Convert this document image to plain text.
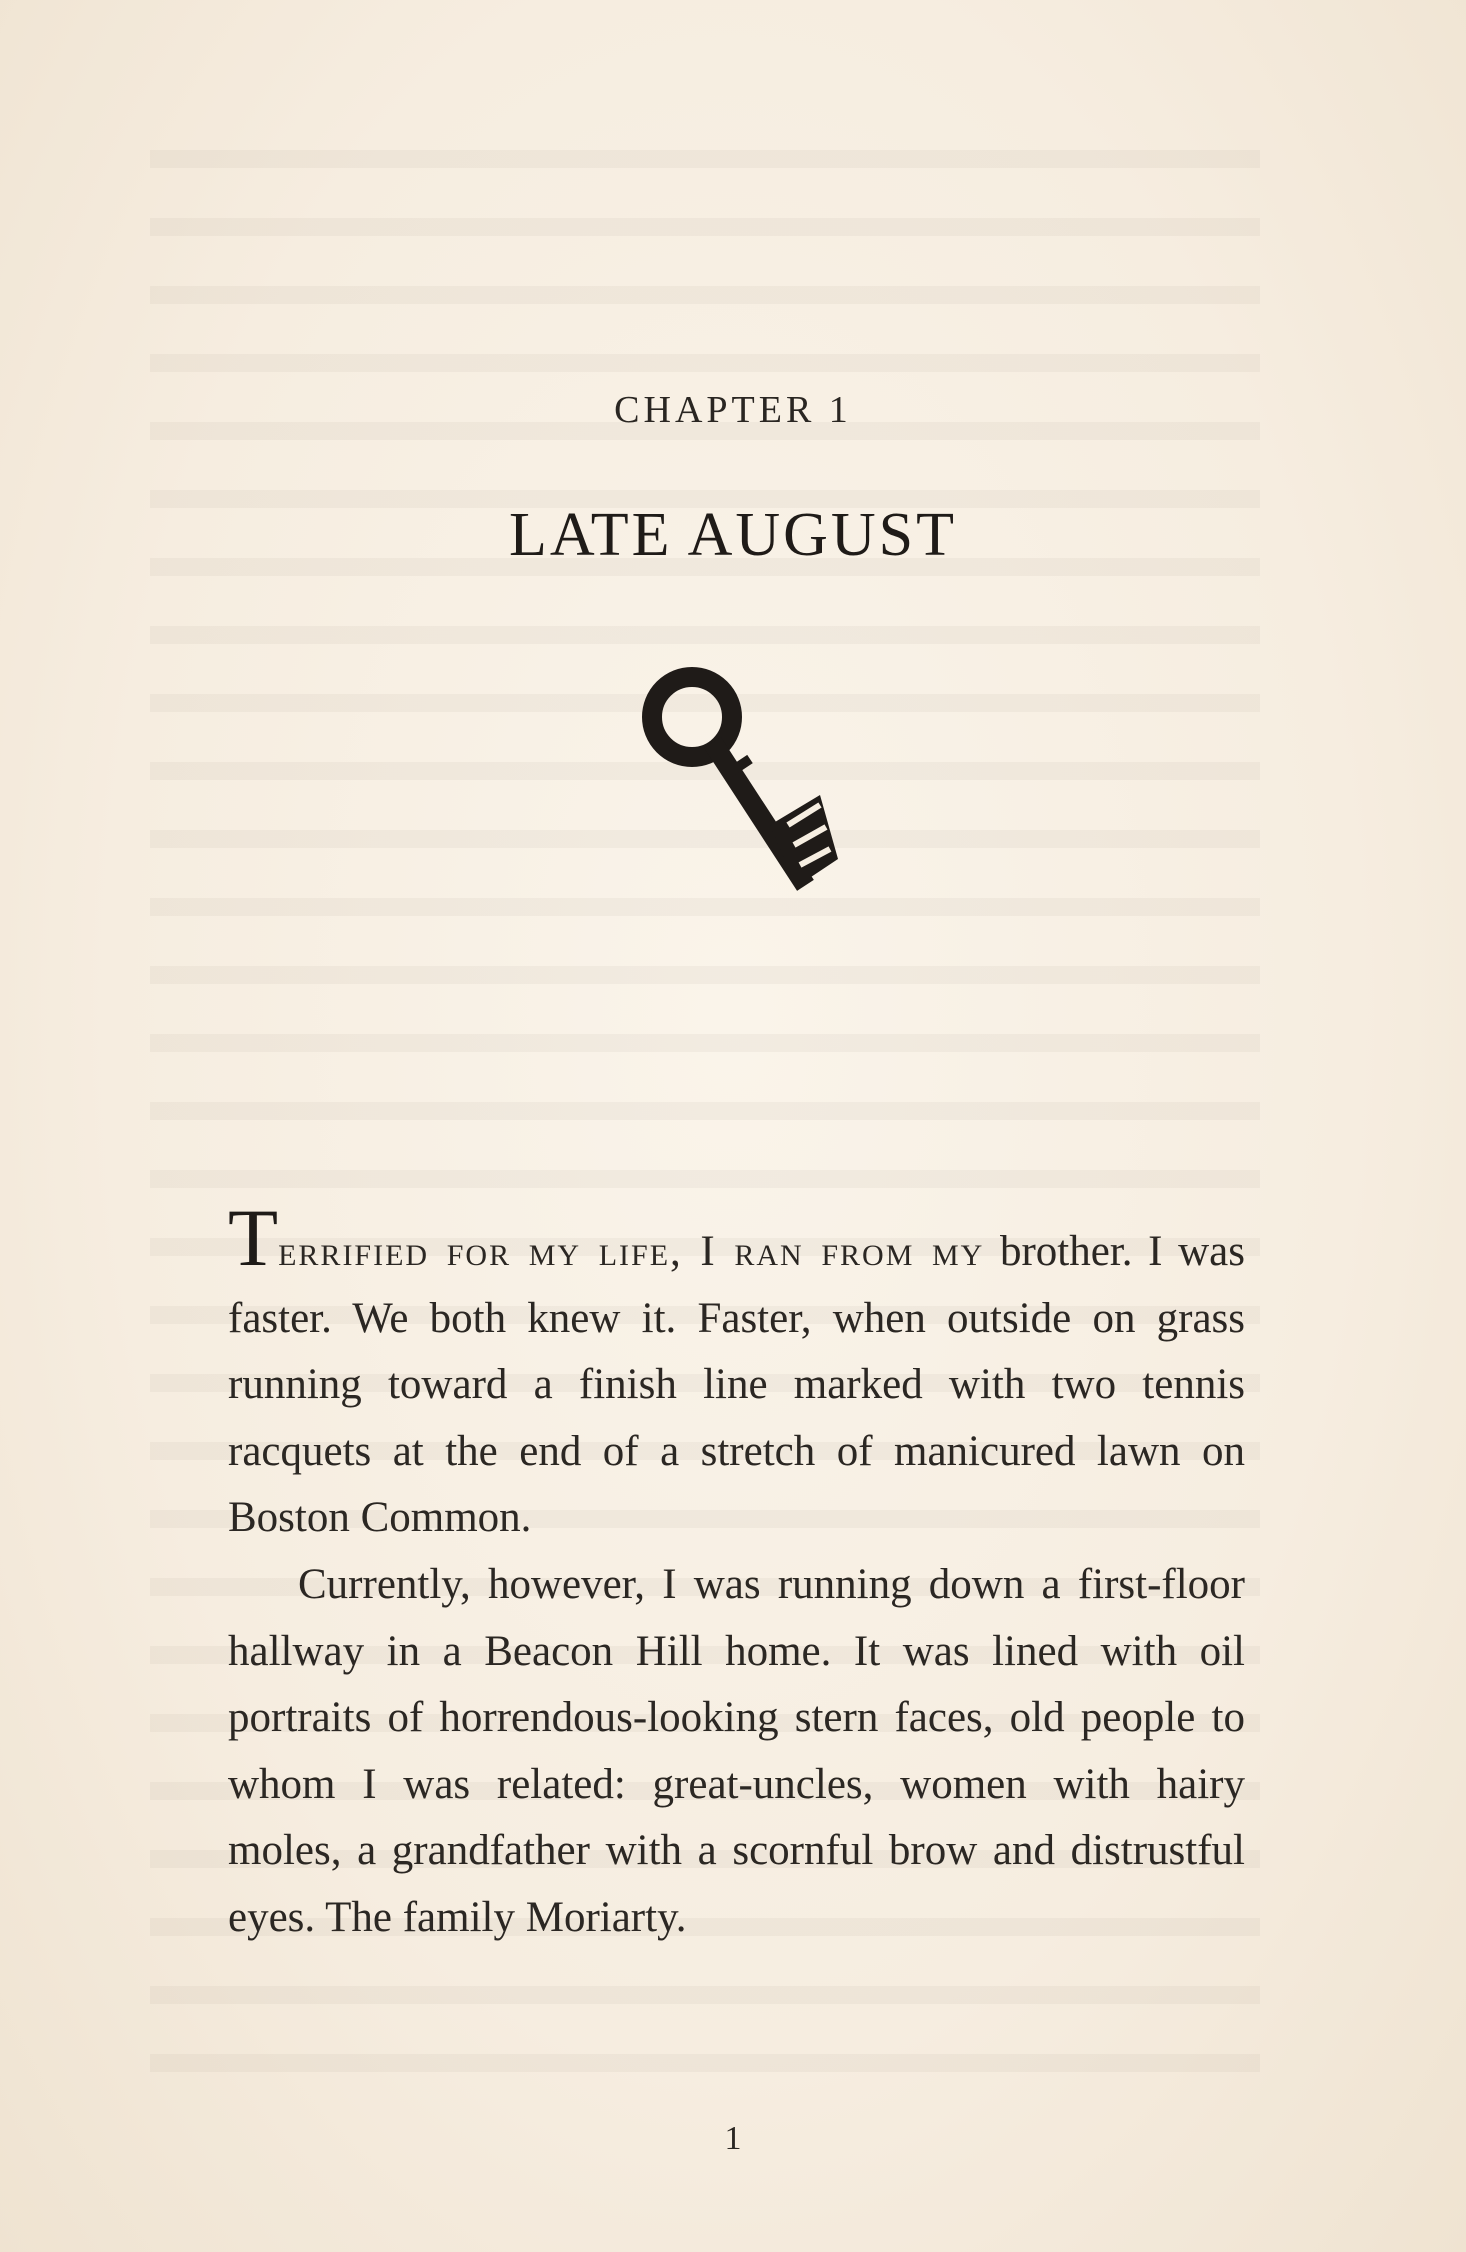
CHAPTER 1
LATE AUGUST

Terrified for my life, I ran from my brother. I was faster. We both knew it. Faster, when outside on grass running toward a finish line marked with two tennis racquets at the end of a stretch of manicured lawn on Boston Common.

Currently, however, I was running down a first-floor hallway in a Beacon Hill home. It was lined with oil portraits of horrendous-looking stern faces, old people to whom I was related: great-uncles, women with hairy moles, a grandfather with a scornful brow and distrustful eyes. The family Moriarty.

1
